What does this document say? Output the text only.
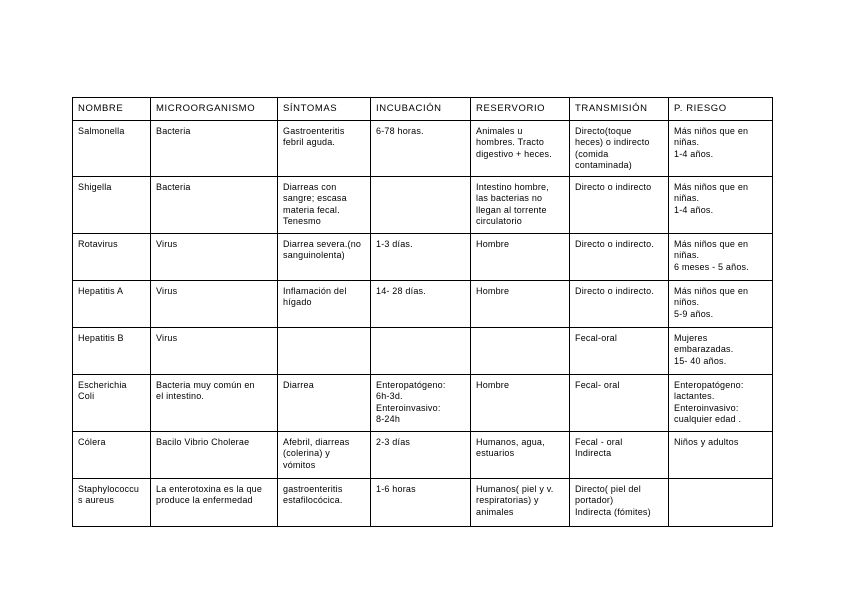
NOMBRE	MICROORGANISMO	SÍNTOMAS	INCUBACIÓN	RESERVORIO	TRANSMISIÓN	P. RIESGO

Salmonella	Bacteria	Gastroenteritis
febril aguda.	6-78 horas.	Animales u
hombres. Tracto
digestivo + heces.	Directo(toque
heces) o indirecto
(comida
contaminada)	Más niños que en
niñas.
1-4 años.

Shigella	Bacteria	Diarreas con
sangre; escasa
materia fecal.
Tenesmo		Intestino hombre,
las bacterias no
llegan al torrente
circulatorio	Directo o indirecto	Más niños que en
niñas.
1-4 años.

Rotavirus	Virus	Diarrea severa.(no
sanguinolenta)	1-3 días.	Hombre	Directo o indirecto.	Más niños que en
niñas.
6 meses - 5 años.

Hepatitis A	Virus	Inflamación del
hígado	14- 28 días.	Hombre	Directo o indirecto.	Más niños que en
niños.
5-9 años.

Hepatitis B	Virus				Fecal-oral	Mujeres
embarazadas.
15- 40 años.

Escherichia
Coli	Bacteria muy común en
el intestino.	Diarrea	Enteropatógeno:
6h-3d.
Enteroinvasivo:
8-24h	Hombre	Fecal- oral	Enteropatógeno:
lactantes.
Enteroinvasivo:
cualquier edad .

Cólera	Bacilo Vibrio Cholerae	Afebril, diarreas
(colerina) y
vómitos	2-3 días	Humanos, agua,
estuarios	Fecal - oral
Indirecta	Niños y adultos

Staphylococcu
s aureus	La enterotoxina es la que
produce la enfermedad	gastroenteritis
estafilocócica.	1-6 horas	Humanos( piel y v.
respiratorias) y
animales	Directo( piel del
portador)
Indirecta (fómites)	
